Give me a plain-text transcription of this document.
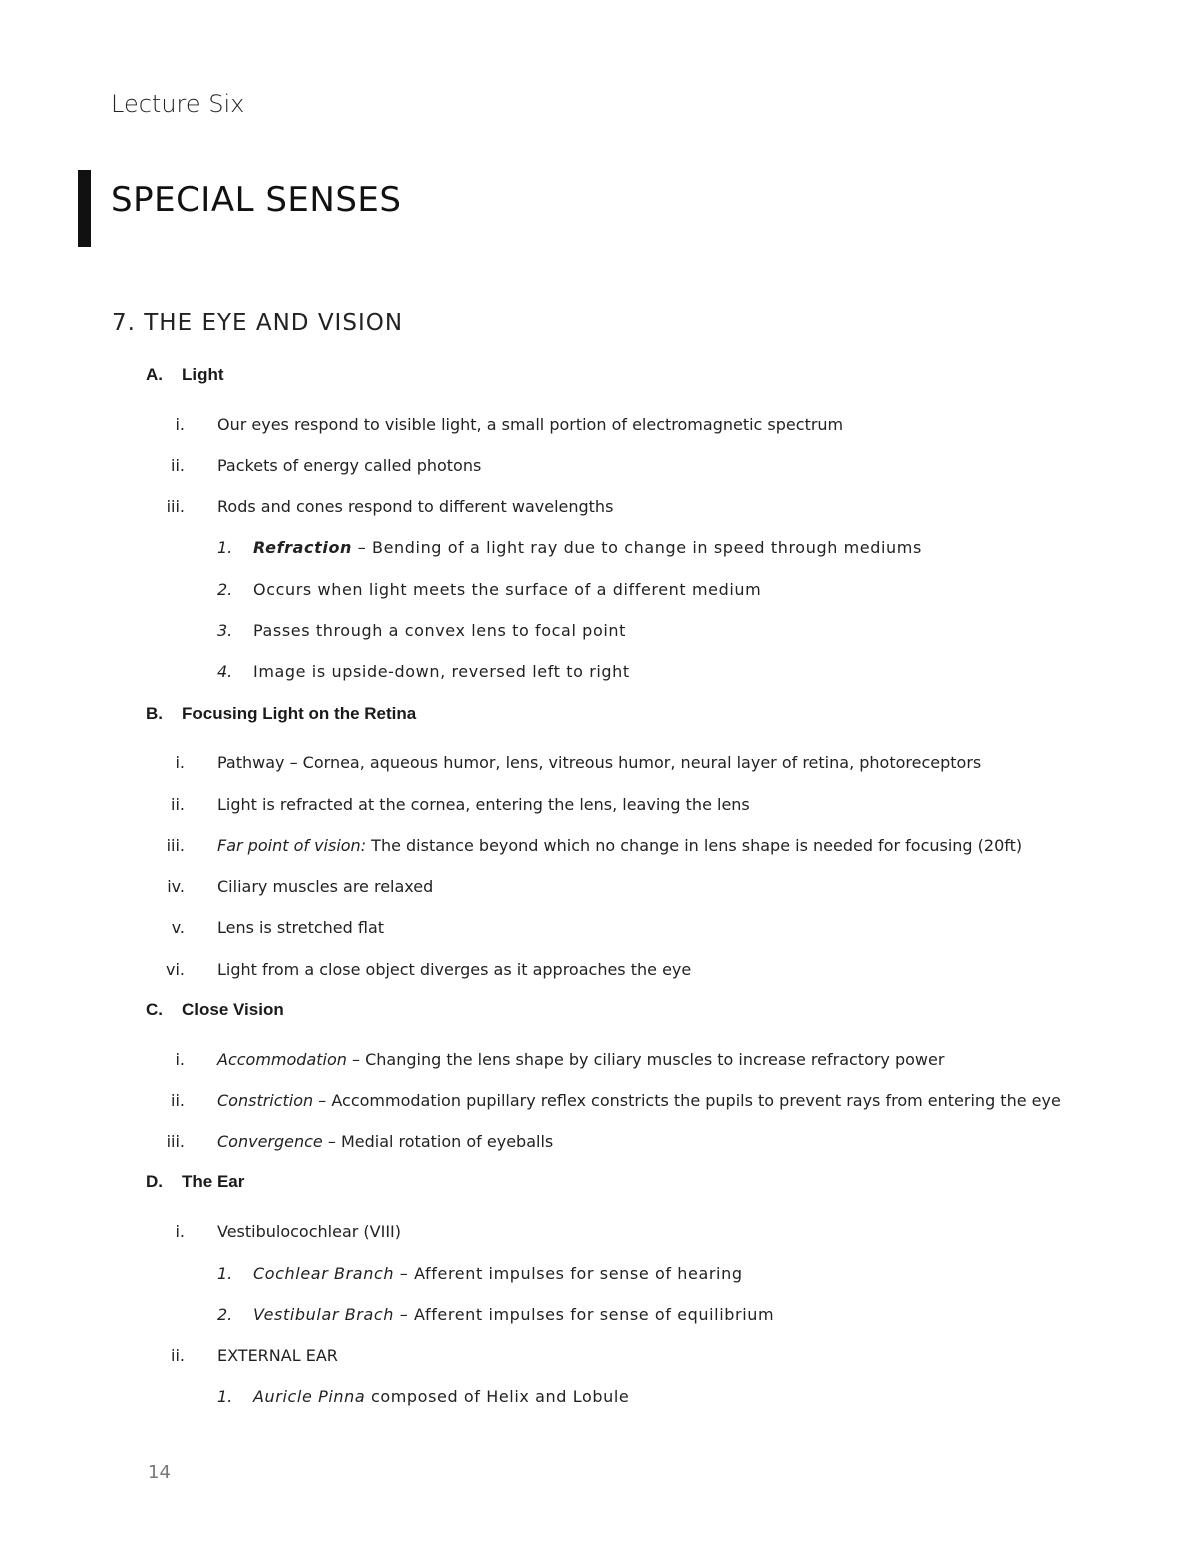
Lecture Six
SPECIAL SENSES
7. THE EYE AND VISION
A. Light
i. Our eyes respond to visible light, a small portion of electromagnetic spectrum
ii. Packets of energy called photons
iii. Rods and cones respond to different wavelengths
1. Refraction – Bending of a light ray due to change in speed through mediums
2. Occurs when light meets the surface of a different medium
3. Passes through a convex lens to focal point
4. Image is upside-down, reversed left to right
B. Focusing Light on the Retina
i. Pathway – Cornea, aqueous humor, lens, vitreous humor, neural layer of retina, photoreceptors
ii. Light is refracted at the cornea, entering the lens, leaving the lens
iii. Far point of vision: The distance beyond which no change in lens shape is needed for focusing (20ft)
iv. Ciliary muscles are relaxed
v. Lens is stretched flat
vi. Light from a close object diverges as it approaches the eye
C. Close Vision
i. Accommodation – Changing the lens shape by ciliary muscles to increase refractory power
ii. Constriction – Accommodation pupillary reflex constricts the pupils to prevent rays from entering the eye
iii. Convergence – Medial rotation of eyeballs
D. The Ear
i. Vestibulocochlear (VIII)
1. Cochlear Branch – Afferent impulses for sense of hearing
2. Vestibular Brach – Afferent impulses for sense of equilibrium
ii. EXTERNAL EAR
1. Auricle Pinna composed of Helix and Lobule
14
